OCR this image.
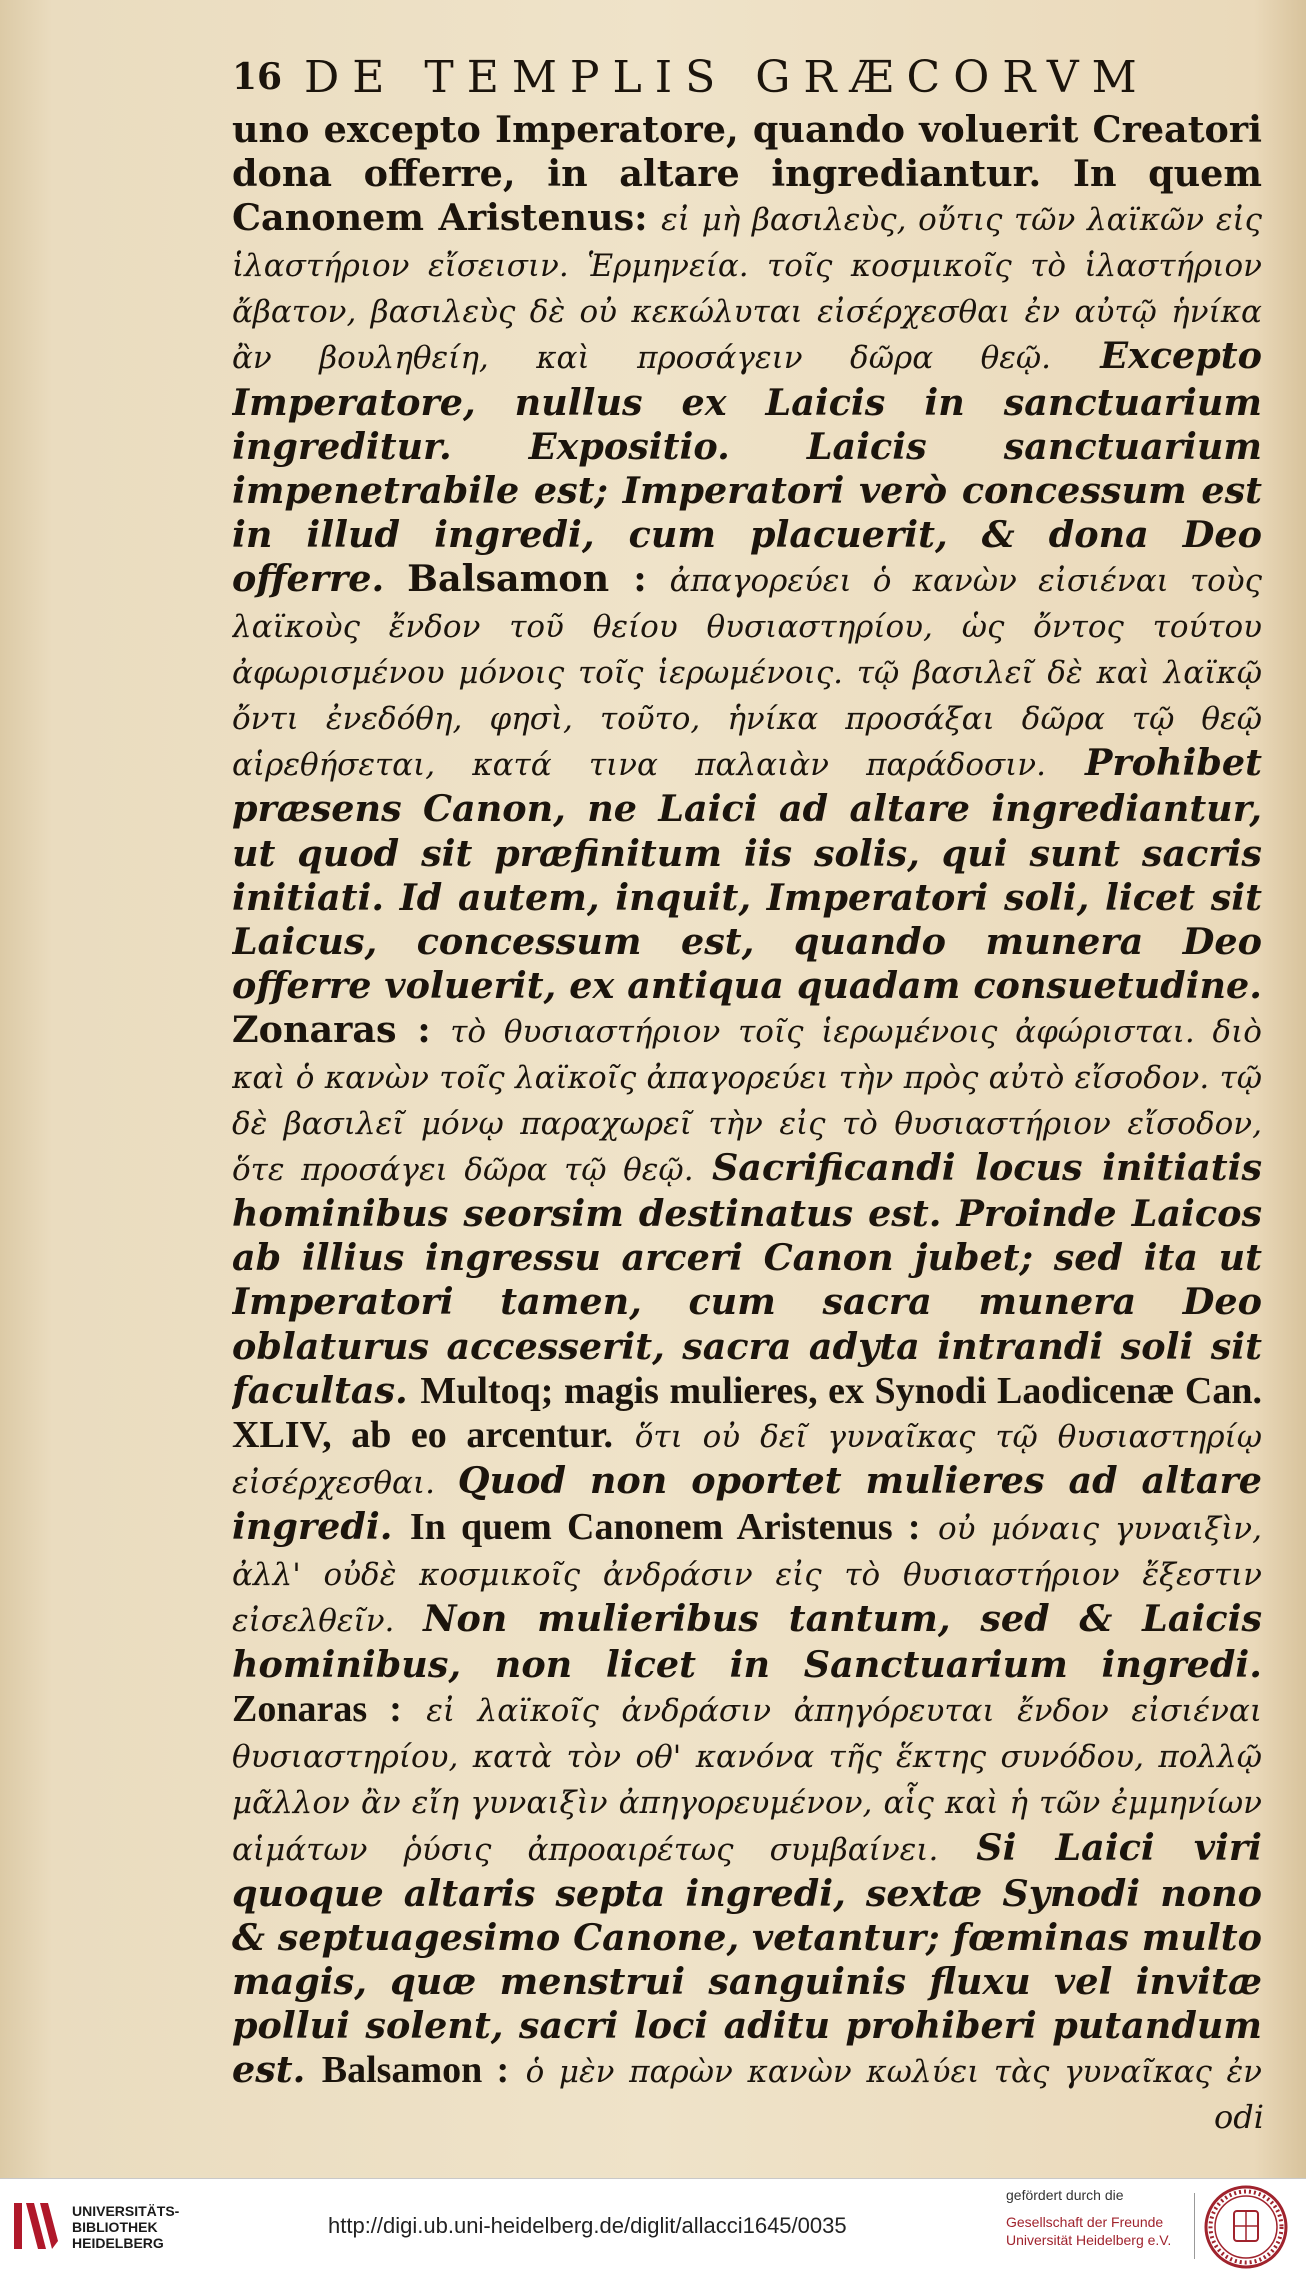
16 DE TEMPLIS GRÆCORVM

uno excepto Imperatore, quando voluerit Creatori dona offerre, in altare ingrediantur. In quem Canonem Aristenus: εἰ μὴ βασιλεὺς, οὔτις τῶν λαϊκῶν εἰς ἱλαστήριον εἴσεισιν. Ἑρμηνεία. τοῖς κοσμικοῖς τὸ ἱλαστήριον ἄβατον, βασιλεὺς δὲ οὐ κεκώλυται εἰσέρχεσθαι ἐν αὐτῷ ἡνίκα ἂν βουληθείη, καὶ προσάγειν δῶρα θεῷ. Excepto Imperatore, nullus ex Laicis in sanctuarium ingreditur. Expositio. Laicis sanctuarium impenetrabile est; Imperatori verò concessum est in illud ingredi, cum placuerit, & dona Deo offerre. Balsamon : ἀπαγορεύει ὁ κανὼν εἰσιέναι τοὺς λαϊκοὺς ἔνδον τοῦ θείου θυσιαστηρίου, ὡς ὄντος τούτου ἀφωρισμένου μόνοις τοῖς ἱερωμένοις. τῷ βασιλεῖ δὲ καὶ λαϊκῷ ὄντι ἐνεδόθη, φησὶ, τοῦτο, ἡνίκα προσάξαι δῶρα τῷ θεῷ αἱρεθήσεται, κατά τινα παλαιὰν παράδοσιν. Prohibet præsens Canon, ne Laici ad altare ingrediantur, ut quod sit præfinitum iis solis, qui sunt sacris initiati. Id autem, inquit, Imperatori soli, licet sit Laicus, concessum est, quando munera Deo offerre voluerit, ex antiqua quadam consuetudine. Zonaras : τὸ θυσιαστήριον τοῖς ἱερωμένοις ἀφώρισται. διὸ καὶ ὁ κανὼν τοῖς λαϊκοῖς ἀπαγορεύει τὴν πρὸς αὐτὸ εἴσοδον. τῷ δὲ βασιλεῖ μόνῳ παραχωρεῖ τὴν εἰς τὸ θυσιαστήριον εἴσοδον, ὅτε προσάγει δῶρα τῷ θεῷ. Sacrificandi locus initiatis hominibus seorsim destinatus est. Proinde Laicos ab illius ingressu arceri Canon jubet; sed ita ut Imperatori tamen, cum sacra munera Deo oblaturus accesserit, sacra adyta intrandi soli sit facultas. Multoq; magis mulieres, ex Synodi Laodicenæ Can. XLIV, ab eo arcentur. ὅτι οὐ δεῖ γυναῖκας τῷ θυσιαστηρίῳ εἰσέρχεσθαι. Quod non oportet mulieres ad altare ingredi. In quem Canonem Aristenus : οὐ μόναις γυναιξὶν, ἀλλ' οὐδὲ κοσμικοῖς ἀνδράσιν εἰς τὸ θυσιαστήριον ἔξεστιν εἰσελθεῖν. Non mulieribus tantum, sed & Laicis hominibus, non licet in Sanctuarium ingredi. Zonaras : εἰ λαϊκοῖς ἀνδράσιν ἀπηγόρευται ἔνδον εἰσιέναι θυσιαστηρίου, κατὰ τὸν οθ' κανόνα τῆς ἕκτης συνόδου, πολλῷ μᾶλλον ἂν εἴη γυναιξὶν ἀπηγορευμένον, αἷς καὶ ἡ τῶν ἐμμηνίων αἱμάτων ῥύσις ἀπροαιρέτως συμβαίνει. Si Laici viri quoque altaris septa ingredi, sextæ Synodi nono & septuagesimo Canone, vetantur; fœminas multo magis, quæ menstrui sanguinis fluxu vel invitæ pollui solent, sacri loci aditu prohiberi putandum est. Balsamon : ὁ μὲν παρὼν κανὼν κωλύει τὰς γυναῖκας ἐν

odi
UNIVERSITÄTS-
BIBLIOTHEK
HEIDELBERG
http://digi.ub.uni-heidelberg.de/diglit/allacci1645/0035
gefördert durch die
Gesellschaft der Freunde
Universität Heidelberg e.V.
